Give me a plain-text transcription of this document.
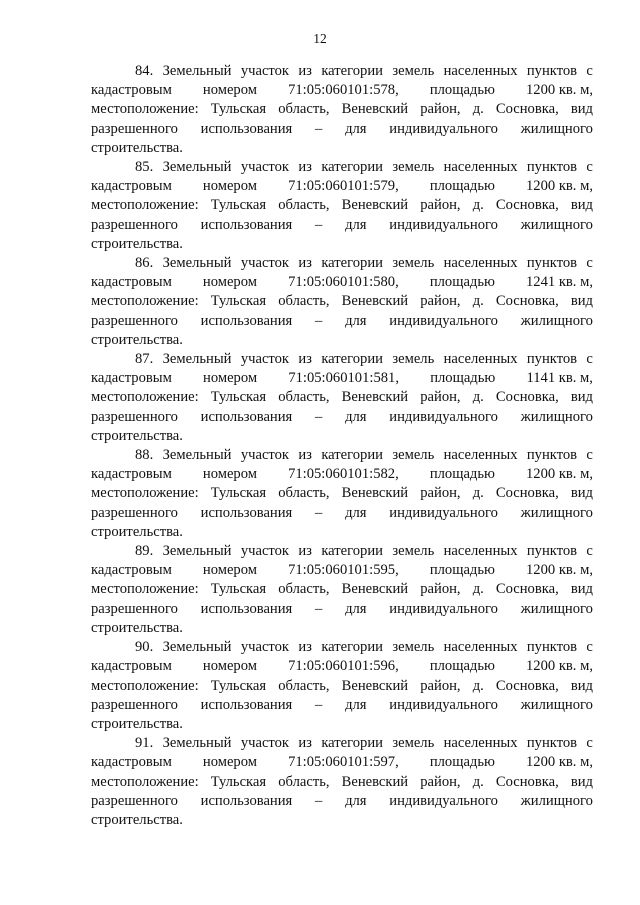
12
84. Земельный участок из категории земель населенных пунктов с
кадастровым номером 71:05:060101:578, площадью 1200 кв. м,
местоположение: Тульская область, Веневский район, д. Сосновка, вид
разрешенного использования – для индивидуального жилищного
строительства.
85. Земельный участок из категории земель населенных пунктов с
кадастровым номером 71:05:060101:579, площадью 1200 кв. м,
местоположение: Тульская область, Веневский район, д. Сосновка, вид
разрешенного использования – для индивидуального жилищного
строительства.
86. Земельный участок из категории земель населенных пунктов с
кадастровым номером 71:05:060101:580, площадью 1241 кв. м,
местоположение: Тульская область, Веневский район, д. Сосновка, вид
разрешенного использования – для индивидуального жилищного
строительства.
87. Земельный участок из категории земель населенных пунктов с
кадастровым номером 71:05:060101:581, площадью 1141 кв. м,
местоположение: Тульская область, Веневский район, д. Сосновка, вид
разрешенного использования – для индивидуального жилищного
строительства.
88. Земельный участок из категории земель населенных пунктов с
кадастровым номером 71:05:060101:582, площадью 1200 кв. м,
местоположение: Тульская область, Веневский район, д. Сосновка, вид
разрешенного использования – для индивидуального жилищного
строительства.
89. Земельный участок из категории земель населенных пунктов с
кадастровым номером 71:05:060101:595, площадью 1200 кв. м,
местоположение: Тульская область, Веневский район, д. Сосновка, вид
разрешенного использования – для индивидуального жилищного
строительства.
90. Земельный участок из категории земель населенных пунктов с
кадастровым номером 71:05:060101:596, площадью 1200 кв. м,
местоположение: Тульская область, Веневский район, д. Сосновка, вид
разрешенного использования – для индивидуального жилищного
строительства.
91. Земельный участок из категории земель населенных пунктов с
кадастровым номером 71:05:060101:597, площадью 1200 кв. м,
местоположение: Тульская область, Веневский район, д. Сосновка, вид
разрешенного использования – для индивидуального жилищного
строительства.
